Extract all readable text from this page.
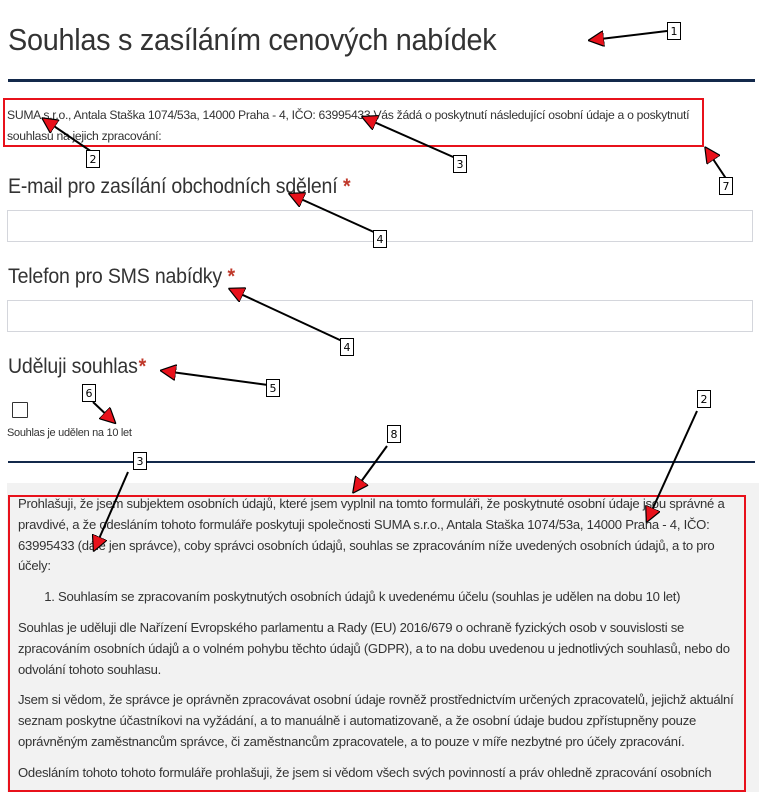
Souhlas s zasíláním cenových nabídek
SUMA s.r.o., Antala Staška 1074/53a, 14000 Praha - 4, IČO: 63995433 Vás žádá o poskytnutí následující osobní údaje a o poskytnutí souhlasů na jejich zpracování:
E-mail pro zasílání obchodních sdělení *
Telefon pro SMS nabídky *
Uděluji souhlas*
Souhlas je udělen na 10 let

Prohlašuji, že jsem subjektem osobních údajů, které jsem vyplnil na tomto formuláři, že poskytnuté osobní údaje jsou správné a pravdivé, a že odesláním tohoto formuláře poskytuji společnosti SUMA s.r.o., Antala Staška 1074/53a, 14000 Praha - 4, IČO: 63995433 (dále jen správce), coby správci osobních údajů, souhlas se zpracováním níže uvedených osobních údajů, a to pro účely:

1. Souhlasím se zpracovaním poskytnutých osobních údajů k uvedenému účelu (souhlas je udělen na dobu 10 let)

Souhlas je uděluji dle Nařízení Evropského parlamentu a Rady (EU) 2016/679 o ochraně fyzických osob v souvislosti se zpracováním osobních údajů a o volném pohybu těchto údajů (GDPR), a to na dobu uvedenou u jednotlivých souhlasů, nebo do odvolání tohoto souhlasu.

Jsem si vědom, že správce je oprávněn zpracovávat osobní údaje rovněž prostřednictvím určených zpracovatelů, jejichž aktuální seznam poskytne účastníkovi na vyžádání, a to manuálně i automatizovaně, a že osobní údaje budou zpřístupněny pouze oprávněným zaměstnancům správce, či zaměstnancům zpracovatele, a to pouze v míře nezbytné pro účely zpracování.

Odesláním tohoto tohoto formuláře prohlašuji, že jsem si vědom všech svých povinností a práv ohledně zpracování osobních

1
2	3
4
4
5
6
7
8
2
3
